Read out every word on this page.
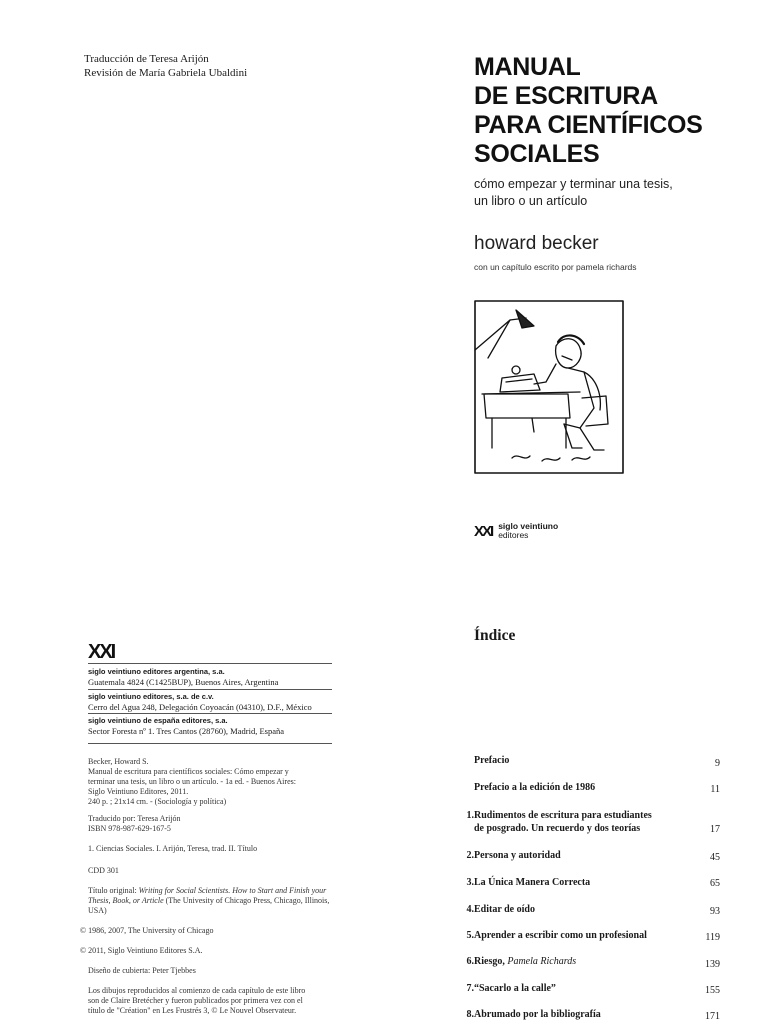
Traducción de Teresa Arijón
Revisión de María Gabriela Ubaldini	MANUAL
DE ESCRITURA
PARA CIENTÍFICOS
SOCIALES
cómo empezar y terminar una tesis,
un libro o un artículo
howard becker
con un capítulo escrito por pamela richards
XXI siglo veintiuno
editores
XXI
siglo veintiuno editores argentina, s.a.
Guatemala 4824 (C1425BUP), Buenos Aires, Argentina
siglo veintiuno editores, s.a. de c.v.
Cerro del Agua 248, Delegación Coyoacán (04310), D.F., México
siglo veintiuno de españa editores, s.a.
Sector Foresta nº 1. Tres Cantos (28760), Madrid, España
Becker, Howard S.
Manual de escritura para científicos sociales: Cómo empezar y
terminar una tesis, un libro o un artículo. - 1a ed. - Buenos Aires:
Siglo Veintiuno Editores, 2011.
240 p. ; 21x14 cm. - (Sociología y política)
Traducido por: Teresa Arijón
ISBN 978-987-629-167-5
1. Ciencias Sociales. I. Arijón, Teresa, trad. II. Título
CDD 301
Título original: Writing for Social Scientists. How to Start and Finish your Thesis, Book, or Article (The Univesity of Chicago Press, Chicago, Illinois, USA)
© 1986, 2007, The University of Chicago
© 2011, Siglo Veintiuno Editores S.A.
Diseño de cubierta: Peter Tjebbes
Los dibujos reproducidos al comienzo de cada capítulo de este libro
son de Claire Bretécher y fueron publicados por primera vez con el
título de "Création" en Les Frustrés 3, © Le Nouvel Observateur.
Índice
Prefacio	9
Prefacio a la edición de 1986	11
1.Rudimentos de escritura para estudiantes
de posgrado. Un recuerdo y dos teorías	17
2.Persona y autoridad	45
3.La Única Manera Correcta	65
4.Editar de oído	93
5.Aprender a escribir como un profesional	119
6.Riesgo, Pamela Richards	139
7.“Sacarlo a la calle”	155
8.Abrumado por la bibliografía	171
